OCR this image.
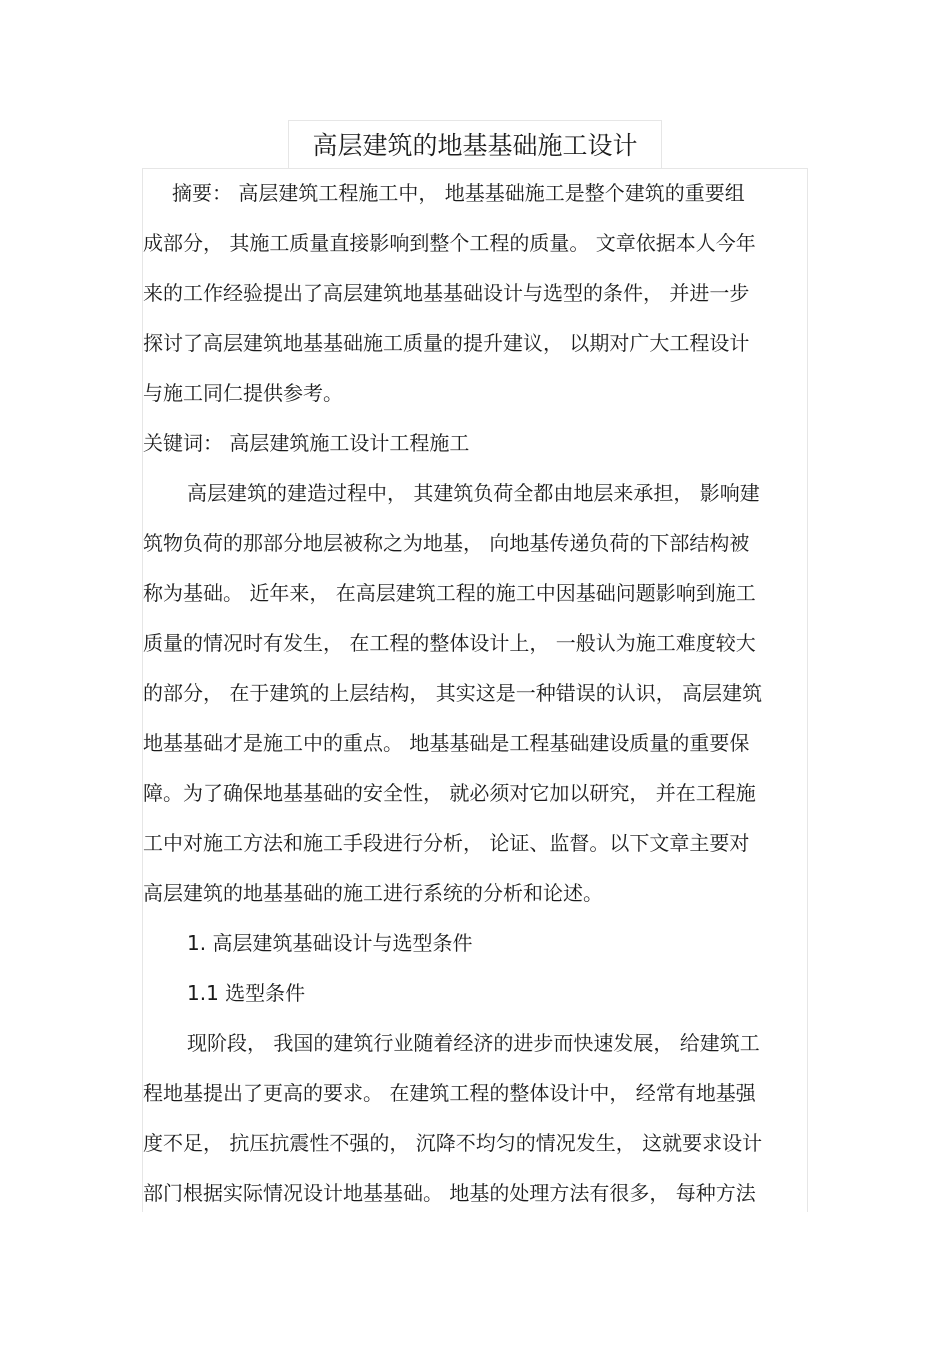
高层建筑的地基基础施工设计

摘要： 高层建筑工程施工中， 地基基础施工是整个建筑的重要组

成部分， 其施工质量直接影响到整个工程的质量。 文章依据本人今年

来的工作经验提出了高层建筑地基基础设计与选型的条件， 并进一步

探讨了高层建筑地基基础施工质量的提升建议， 以期对广大工程设计

与施工同仁提供参考。

关键词： 高层建筑施工设计工程施工

高层建筑的建造过程中， 其建筑负荷全都由地层来承担， 影响建

筑物负荷的那部分地层被称之为地基， 向地基传递负荷的下部结构被

称为基础。 近年来， 在高层建筑工程的施工中因基础问题影响到施工

质量的情况时有发生， 在工程的整体设计上， 一般认为施工难度较大

的部分， 在于建筑的上层结构， 其实这是一种错误的认识， 高层建筑

地基基础才是施工中的重点。 地基基础是工程基础建设质量的重要保

障。为了确保地基基础的安全性， 就必须对它加以研究， 并在工程施

工中对施工方法和施工手段进行分析， 论证、监督。以下文章主要对

高层建筑的地基基础的施工进行系统的分析和论述。

1. 高层建筑基础设计与选型条件

1.1 选型条件

现阶段， 我国的建筑行业随着经济的进步而快速发展， 给建筑工

程地基提出了更高的要求。 在建筑工程的整体设计中， 经常有地基强

度不足， 抗压抗震性不强的， 沉降不均匀的情况发生， 这就要求设计

部门根据实际情况设计地基基础。 地基的处理方法有很多， 每种方法
